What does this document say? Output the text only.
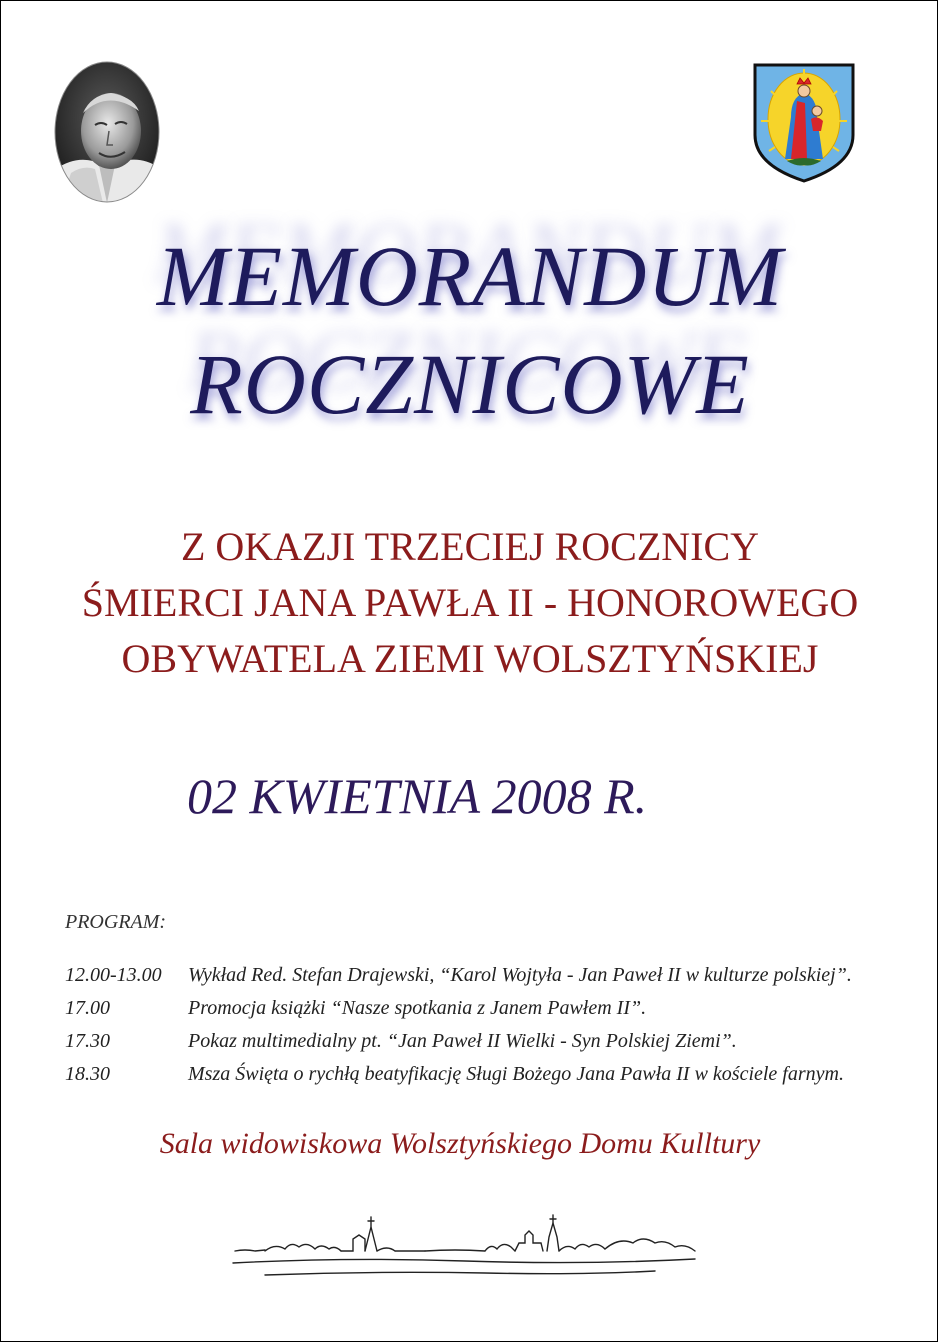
MEMORANDUM
ROCZNICOWE
Z OKAZJI TRZECIEJ ROCZNICY
ŚMIERCI JANA PAWŁA II - HONOROWEGO
OBYWATELA ZIEMI WOLSZTYŃSKIEJ
02 KWIETNIA 2008 R.
PROGRAM:
12.00-13.00	Wykład Red. Stefan Drajewski, “Karol Wojtyła - Jan Paweł II w kulturze polskiej”.
17.00	Promocja książki “Nasze spotkania z Janem Pawłem II”.
17.30	Pokaz multimedialny pt. “Jan Paweł II Wielki - Syn Polskiej Ziemi”.
18.30	Msza Święta o rychłą beatyfikację Sługi Bożego Jana Pawła II w kościele farnym.
Sala widowiskowa Wolsztyńskiego Domu Kulltury
